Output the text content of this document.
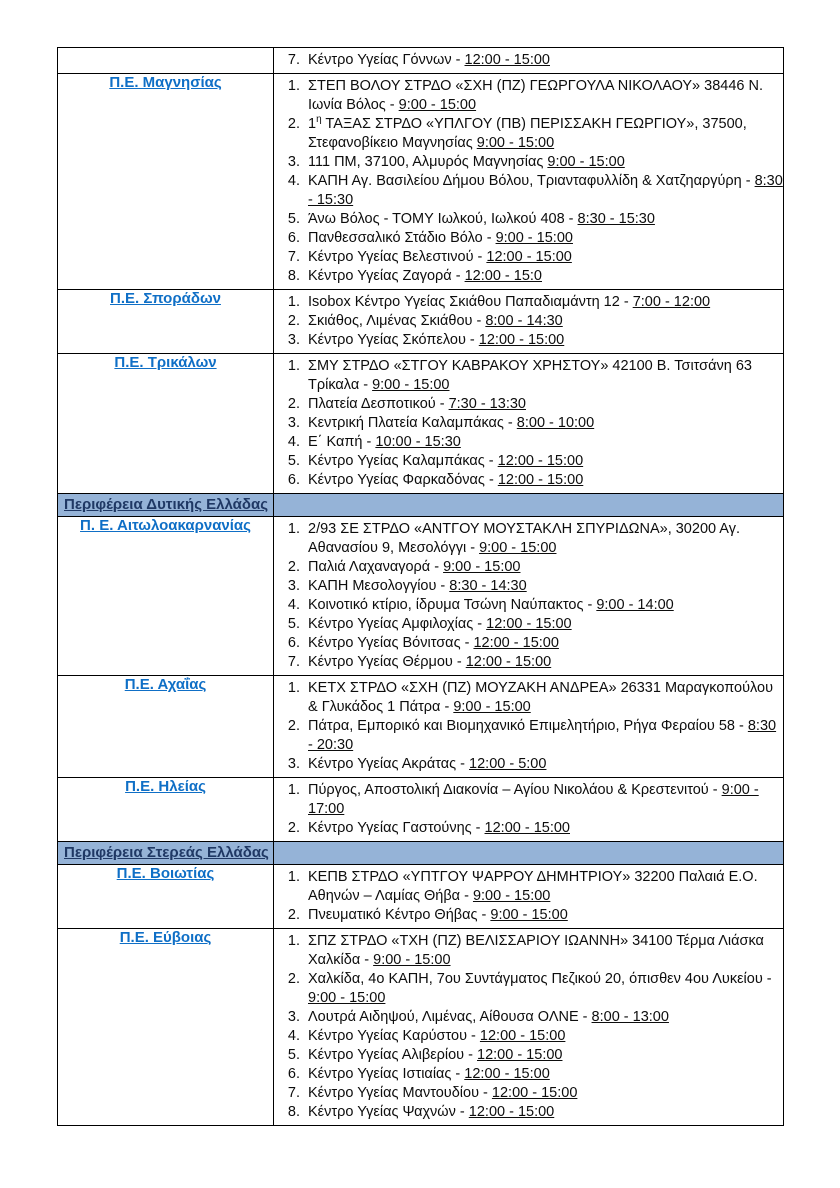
7. Κέντρο Υγείας Γόννων - 12:00 - 15:00

Π.Ε. Μαγνησίας	
1.ΣΤΕΠ ΒΟΛΟΥ ΣΤΡΔΟ «ΣΧΗ (ΠΖ) ΓΕΩΡΓΟΥΛΑ ΝΙΚΟΛΑΟΥ» 38446 Ν. Ιωνία Βόλος - 9:00 - 15:00
2. $1^\eta$ ΤΑΞΑΣ ΣΤΡΔΟ «ΥΠΛΓΟΥ (ΠΒ) ΠΕΡΙΣΣΑΚΗ ΓΕΩΡΓΙΟΥ», 37500, Στεφανοβίκειο Μαγνησίας 9:00 - 15:00
3. 111 ΠΜ, 37100, Αλμυρός Μαγνησίας 9:00 - 15:00
4. ΚΑΠΗ Αγ. Βασιλείου Δήμου Βόλου, Τριανταφυλλίδη & Χατζηαργύρη - 8:30 - 15:30
5. Άνω Βόλος - ΤΟΜΥ Ιωλκού, Ιωλκού 408 - 8:30 - 15:30
6. Πανθεσσαλικό Στάδιο Βόλο - 9:00 - 15:00
7. Κέντρο Υγείας Βελεστινού - 12:00 - 15:00
8. Κέντρο Υγείας Ζαγορά - 12:00 - 15:0

Π.Ε. Σποράδων	
1.Isobox Κέντρο Υγείας Σκιάθου Παπαδιαμάντη 12 - 7:00 - 12:00
2. Σκιάθος, Λιμένας Σκιάθου - 8:00 - 14:30
3. Κέντρο Υγείας Σκόπελου - 12:00 - 15:00

Π.Ε. Τρικάλων	
1.ΣΜΥ ΣΤΡΔΟ «ΣΤΓΟΥ ΚΑΒΡΑΚΟΥ ΧΡΗΣΤΟΥ» 42100 Β. Τσιτσάνη 63 Τρίκαλα - 9:00 - 15:00
2. Πλατεία Δεσποτικού - 7:30 - 13:30
3. Κεντρική Πλατεία Καλαμπάκας - 8:00 - 10:00
4. Ε΄ Καπή - 10:00 - 15:30
5. Κέντρο Υγείας Καλαμπάκας - 12:00 - 15:00
6. Κέντρο Υγείας Φαρκαδόνας - 12:00 - 15:00

Περιφέρεια Δυτικής Ελλάδας	
Π. Ε. Αιτωλοακαρνανίας	
1.2/93 ΣΕ ΣΤΡΔΟ «ΑΝΤΓΟΥ ΜΟΥΣΤΑΚΛΗ ΣΠΥΡΙΔΩΝΑ», 30200 Αγ. Αθανασίου 9, Μεσολόγγι - 9:00 - 15:00
2. Παλιά Λαχαναγορά - 9:00 - 15:00
3. ΚΑΠΗ Μεσολογγίου - 8:30 - 14:30
4. Κοινοτικό κτίριο, ίδρυμα Τσώνη Ναύπακτος - 9:00 - 14:00
5. Κέντρο Υγείας Αμφιλοχίας - 12:00 - 15:00
6. Κέντρο Υγείας Βόνιτσας - 12:00 - 15:00
7. Κέντρο Υγείας Θέρμου - 12:00 - 15:00

Π.Ε. Αχαΐας	
1.ΚΕΤΧ ΣΤΡΔΟ «ΣΧΗ (ΠΖ) ΜΟΥΖΑΚΗ ΑΝΔΡΕΑ» 26331 Μαραγκοπούλου & Γλυκάδος 1 Πάτρα - 9:00 - 15:00
2. Πάτρα, Εμπορικό και Βιομηχανικό Επιμελητήριο, Ρήγα Φεραίου 58 - 8:30 - 20:30
3. Κέντρο Υγείας Ακράτας - 12:00 - 5:00

Π.Ε. Ηλείας	
1.Πύργος, Αποστολική Διακονία – Αγίου Νικολάου & Κρεστενιτού - 9:00 - 17:00
2. Κέντρο Υγείας Γαστούνης - 12:00 - 15:00

Περιφέρεια Στερεάς Ελλάδας	
Π.Ε. Βοιωτίας	
1.ΚΕΠΒ ΣΤΡΔΟ «ΥΠΤΓΟΥ ΨΑΡΡΟΥ ΔΗΜΗΤΡΙΟΥ» 32200 Παλαιά Ε.Ο. Αθηνών – Λαμίας Θήβα - 9:00 - 15:00
2. Πνευματικό Κέντρο Θήβας - 9:00 - 15:00

Π.Ε. Εύβοιας	
1.ΣΠΖ ΣΤΡΔΟ «ΤΧΗ (ΠΖ) ΒΕΛΙΣΣΑΡΙΟΥ ΙΩΑΝΝΗ» 34100 Τέρμα Λιάσκα Χαλκίδα - 9:00 - 15:00
2. Χαλκίδα, 4ο ΚΑΠΗ, 7ου Συντάγματος Πεζικού 20, όπισθεν 4ου Λυκείου - 9:00 - 15:00
3. Λουτρά Αιδηψού, Λιμένας, Αίθουσα ΟΛΝΕ - 8:00 - 13:00
4. Κέντρο Υγείας Καρύστου - 12:00 - 15:00
5. Κέντρο Υγείας Αλιβερίου - 12:00 - 15:00
6. Κέντρο Υγείας Ιστιαίας - 12:00 - 15:00
7. Κέντρο Υγείας Μαντουδίου - 12:00 - 15:00
8. Κέντρο Υγείας Ψαχνών - 12:00 - 15:00
